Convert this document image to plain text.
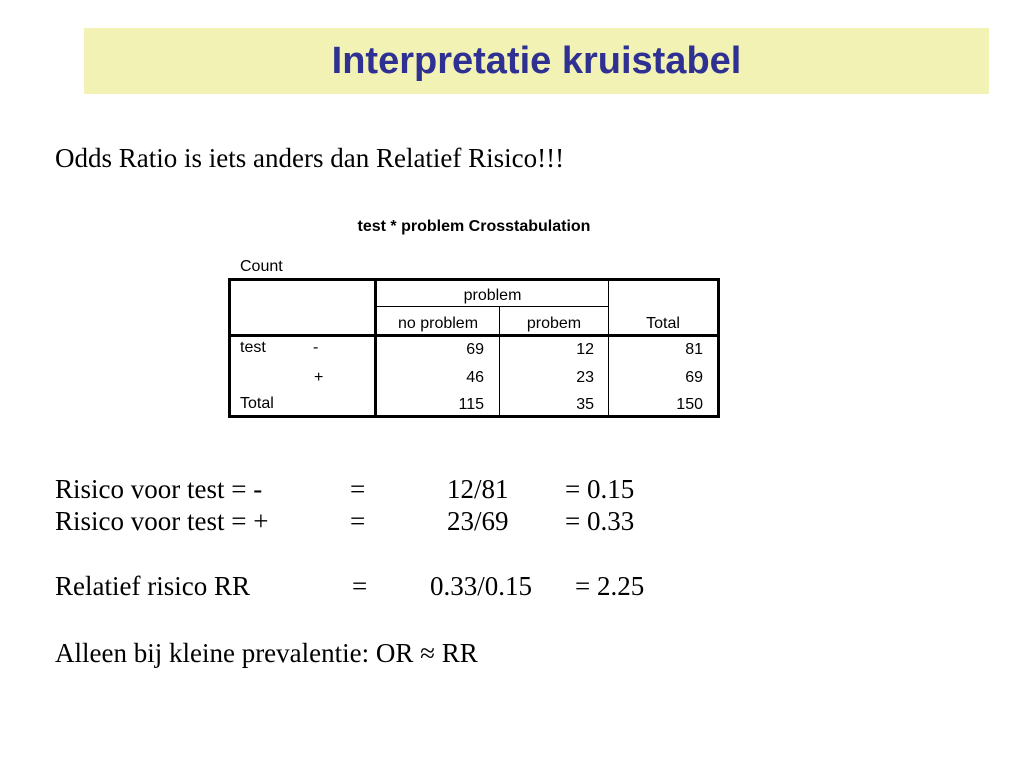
Interpretatie kruistabel
Odds Ratio is iets anders dan Relatief Risico!!!
test * problem Crosstabulation
Count
problem
no problem	probem	Total
test	-	69	12	81
+	46	23	69
Total	115	35	150
Risico voor test = -	=	12/81 = 0.15
Risico voor test = +	=	23/69 = 0.33
Relatief risico RR	= 0.33/0.15 = 2.25
Alleen bij kleine prevalentie: OR ≈ RR
